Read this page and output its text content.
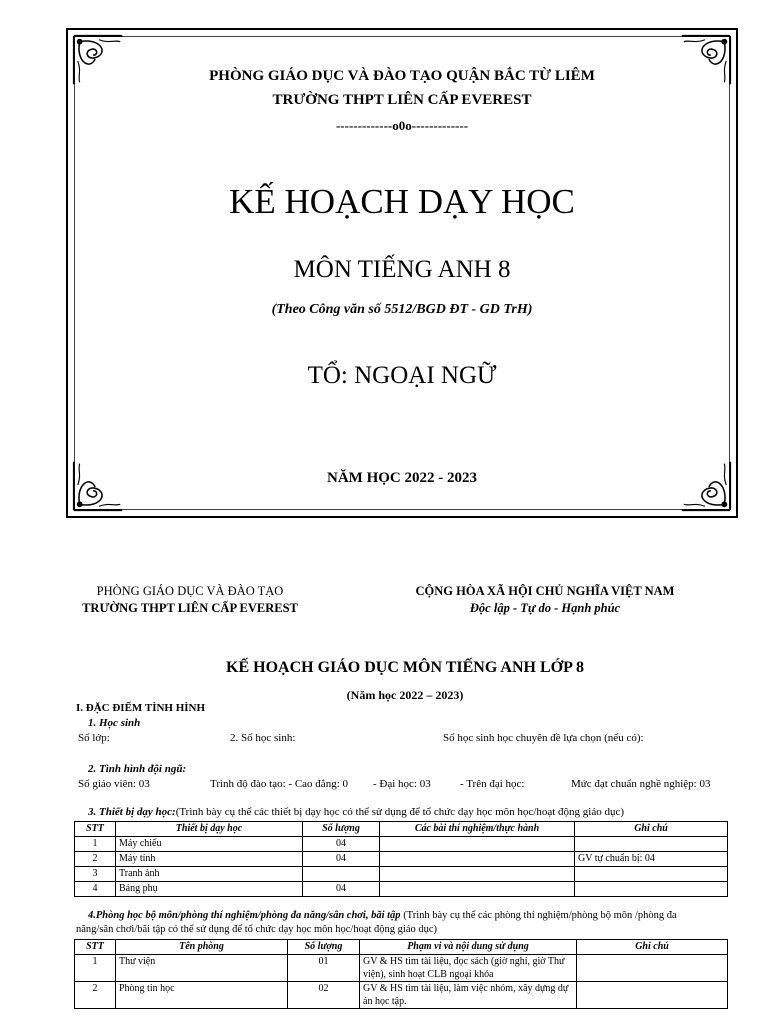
PHÒNG GIÁO DỤC VÀ ĐÀO TẠO QUẬN BẮC TỪ LIÊM
TRƯỜNG THPT LIÊN CẤP EVEREST
-------------o0o-------------
KẾ HOẠCH DẠY HỌC
MÔN TIẾNG ANH 8
(Theo Công văn số 5512/BGD ĐT - GD TrH)
TỔ: NGOẠI NGỮ
NĂM HỌC 2022 - 2023
PHÒNG GIÁO DỤC VÀ ĐÀO TẠO
TRƯỜNG THPT LIÊN CẤP EVEREST
CỘNG HÒA XÃ HỘI CHỦ NGHĨA VIỆT NAM
Độc lập - Tự do - Hạnh phúc
KẾ HOẠCH GIÁO DỤC MÔN TIẾNG ANH LỚP 8
(Năm học 2022 – 2023)
I. ĐẶC ĐIỂM TÌNH HÌNH
1. Học sinh
Số lớp:	2. Số học sinh:	Số học sinh học chuyên đề lựa chọn (nếu có):
2. Tình hình đội ngũ:
Số giáo viên: 03	Trình độ đào tạo: - Cao đẳng: 0 - Đại học: 03	- Trên đại học:	Mức đạt chuẩn nghề nghiệp: 03
3. Thiết bị dạy học:(Trình bày cụ thể các thiết bị dạy học có thể sử dụng để tổ chức dạy học môn học/hoạt động giáo dục)
STT	Thiết bị dạy học	Số lượng	Các bài thí nghiệm/thực hành	Ghi chú
1	Máy chiếu	04		
2	Máy tính	04		GV tự chuẩn bị: 04
3	Tranh ảnh			
4	Bảng phụ	04		
4.Phòng học bộ môn/phòng thí nghiệm/phòng đa năng/sân chơi, bãi tập (Trình bày cụ thể các phòng thí nghiệm/phòng bộ môn /phòng đa
năng/sân chơi/bãi tập có thể sử dụng để tổ chức dạy học môn học/hoạt động giáo dục)
STT	Tên phòng	Số lượng	Phạm vi và nội dung sử dụng	Ghi chú
1	Thư viện	01	GV & HS tìm tài liệu, đọc sách (giờ nghỉ, giờ Thư viện), sinh hoạt CLB ngoại khóa	
2	Phòng tin học	02	GV & HS tìm tài liệu, làm việc nhóm, xây dựng dự án học tập.	
